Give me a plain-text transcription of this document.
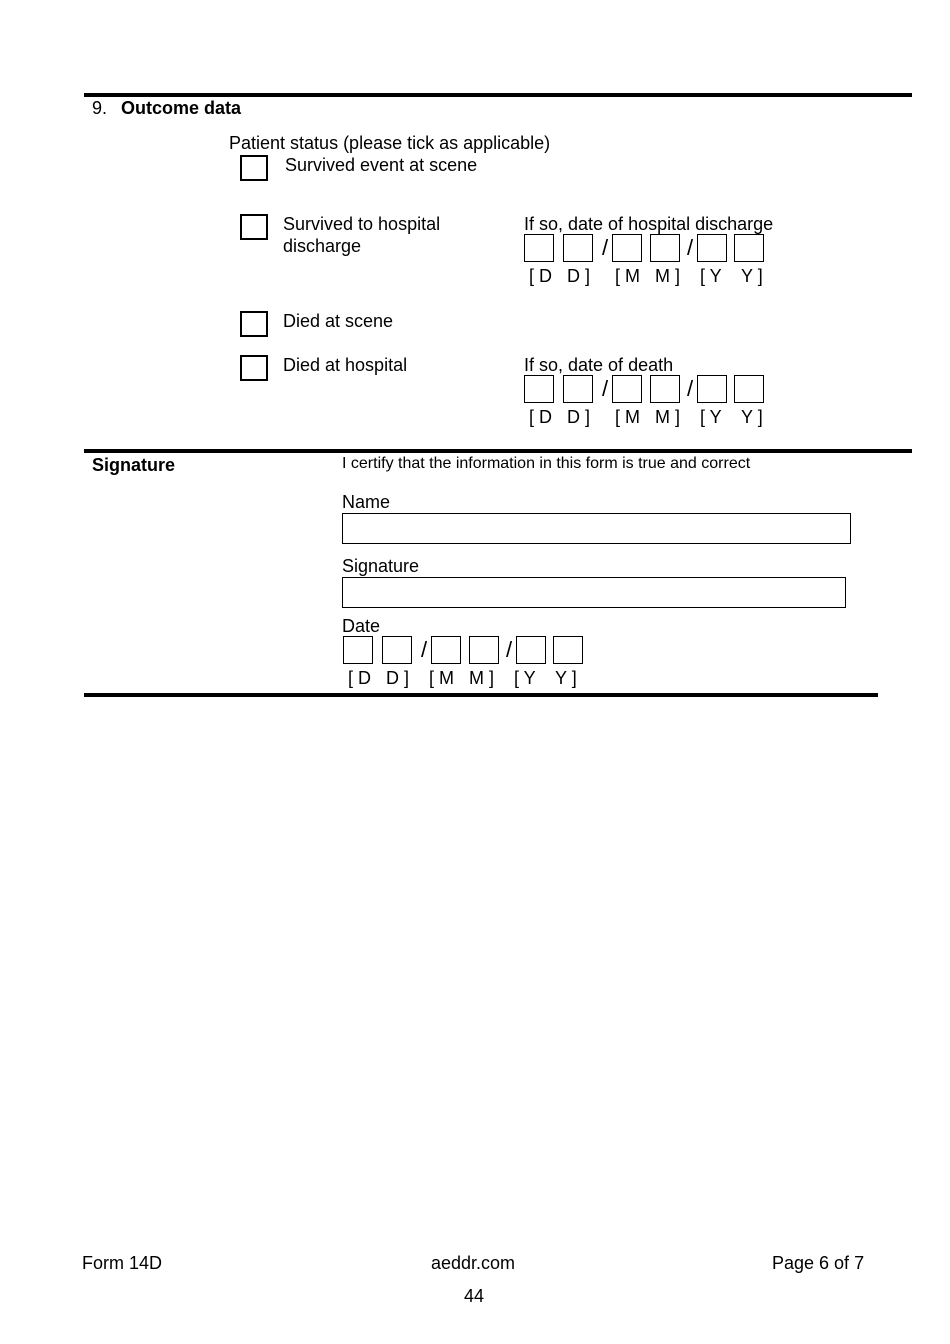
9. Outcome data
Patient status (please tick as applicable)
Survived event at scene
Survived to hospital
discharge
If so, date of hospital discharge
/	/
[ D   D ] [ M   M ] [ Y    Y ]
Died at scene
Died at hospital	If so, date of death
/	/
[ D   D ] [ M   M ] [ Y    Y ]
Signature	I certify that the information in this form is true and correct
Name
Signature
Date
/	/
[ D   D ] [ M   M ] [ Y    Y ]
Form 14D	aeddr.com	Page 6 of 7
44
